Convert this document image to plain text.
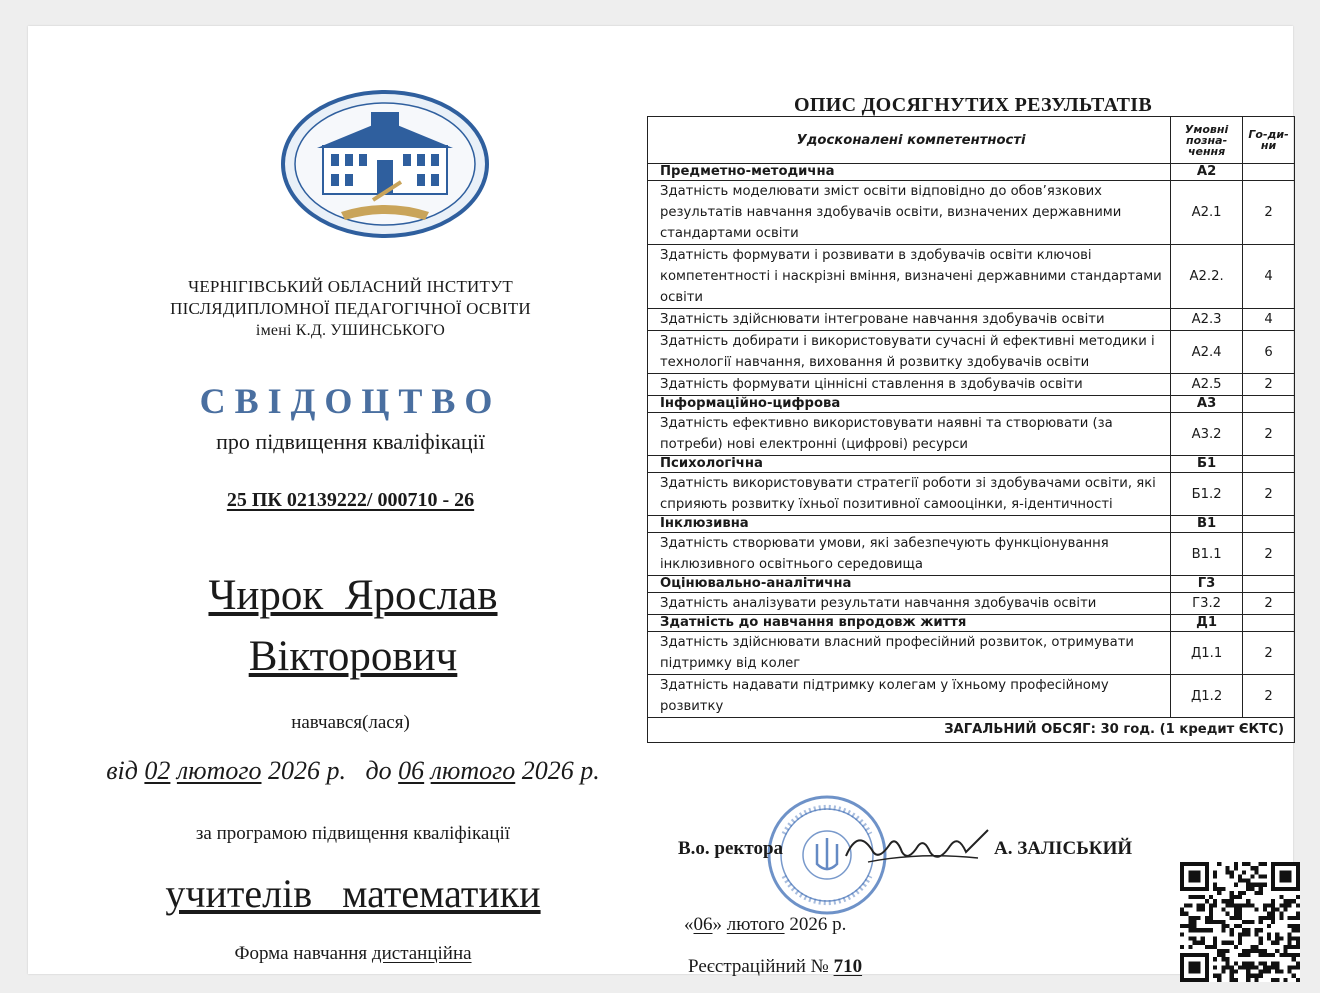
ЧЕРНІГІВСЬКИЙ ОБЛАСНИЙ ІНСТИТУТ
ПІСЛЯДИПЛОМНОЇ ПЕДАГОГІЧНОЇ ОСВІТИ
імені К.Д. УШИНСЬКОГО
СВІДОЦТВО
про підвищення кваліфікації
25 ПК 02139222/ 000710 - 26
Чирок  Ярослав
Вікторович
навчався(лася)
від 02 лютого 2026 р. до 06 лютого 2026 р.
за програмою підвищення кваліфікації
учителів   математики
Форма навчання дистанційна
ОПИС ДОСЯГНУТИХ РЕЗУЛЬТАТІВ
Удосконалені компетентності	Умовні позна-чення	Го-ди-ни
Предметно-методична	А2	
Здатність моделювати зміст освіти відповідно до обов’язкових результатів навчання здобувачів освіти, визначених державними стандартами освіти	А2.1	2
Здатність формувати і розвивати в здобувачів освіти ключові компетентності і наскрізні вміння, визначені державними стандартами освіти	А2.2.	4
Здатність здійснювати інтегроване навчання здобувачів освіти	А2.3	4
Здатність добирати і використовувати сучасні й ефективні методики і технології навчання, виховання й розвитку здобувачів освіти	А2.4	6
Здатність формувати ціннісні ставлення в здобувачів освіти	А2.5	2
Інформаційно-цифрова	А3	
Здатність ефективно використовувати наявні та створювати (за потреби) нові електронні (цифрові) ресурси	А3.2	2
Психологічна	Б1	
Здатність використовувати стратегії роботи зі здобувачами освіти, які сприяють розвитку їхньої позитивної самооцінки, я-ідентичності	Б1.2	2
Інклюзивна	В1	
Здатність створювати умови, які забезпечують функціонування інклюзивного освітнього середовища	В1.1	2
Оцінювально-аналітична	Г3	
Здатність аналізувати результати навчання здобувачів освіти	Г3.2	2
Здатність до навчання впродовж життя	Д1	
Здатність здійснювати власний професійний розвиток, отримувати підтримку від колег	Д1.1	2
Здатність надавати підтримку колегам у їхньому професійному розвитку	Д1.2	2
ЗАГАЛЬНИЙ ОБСЯГ: 30 год. (1 кредит ЄКТС)		
В.о. ректора	А. ЗАЛІСЬКИЙ
«06» лютого 2026 р.
Реєстраційний № 710
